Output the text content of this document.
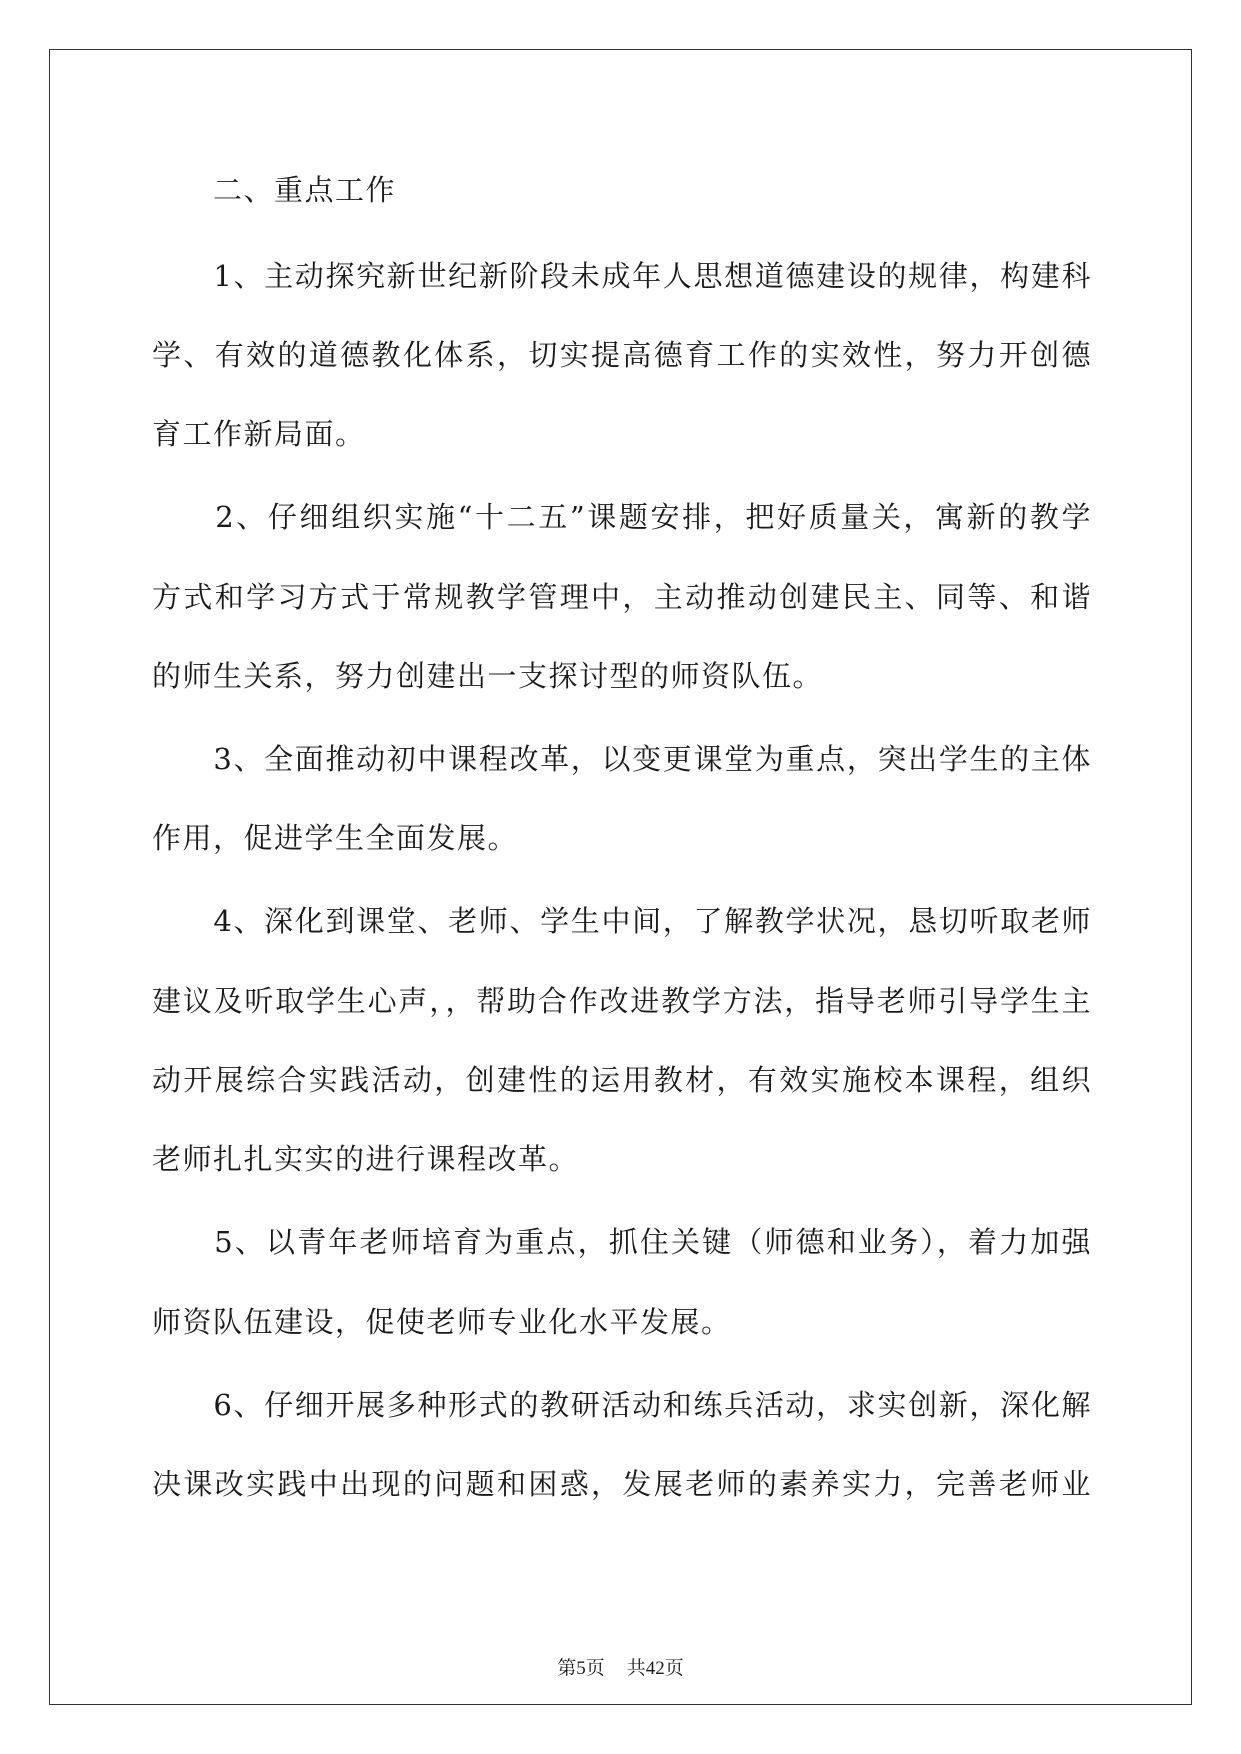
　　二、重点工作
　　1、主动探究新世纪新阶段未成年人思想道德建设的规律，构建科
学、有效的道德教化体系，切实提高德育工作的实效性，努力开创德
育工作新局面。
　　2、仔细组织实施“十二五”课题安排，把好质量关，寓新的教学
方式和学习方式于常规教学管理中，主动推动创建民主、同等、和谐
的师生关系，努力创建出一支探讨型的师资队伍。
　　3、全面推动初中课程改革，以变更课堂为重点，突出学生的主体
作用，促进学生全面发展。
　　4、深化到课堂、老师、学生中间，了解教学状况，恳切听取老师
建议及听取学生心声，，帮助合作改进教学方法，指导老师引导学生主
动开展综合实践活动，创建性的运用教材，有效实施校本课程，组织
老师扎扎实实的进行课程改革。
　　5、以青年老师培育为重点，抓住关键（师德和业务），着力加强
师资队伍建设，促使老师专业化水平发展。
　　6、仔细开展多种形式的教研活动和练兵活动，求实创新，深化解
决课改实践中出现的问题和困惑，发展老师的素养实力，完善老师业
第5页 共42页
